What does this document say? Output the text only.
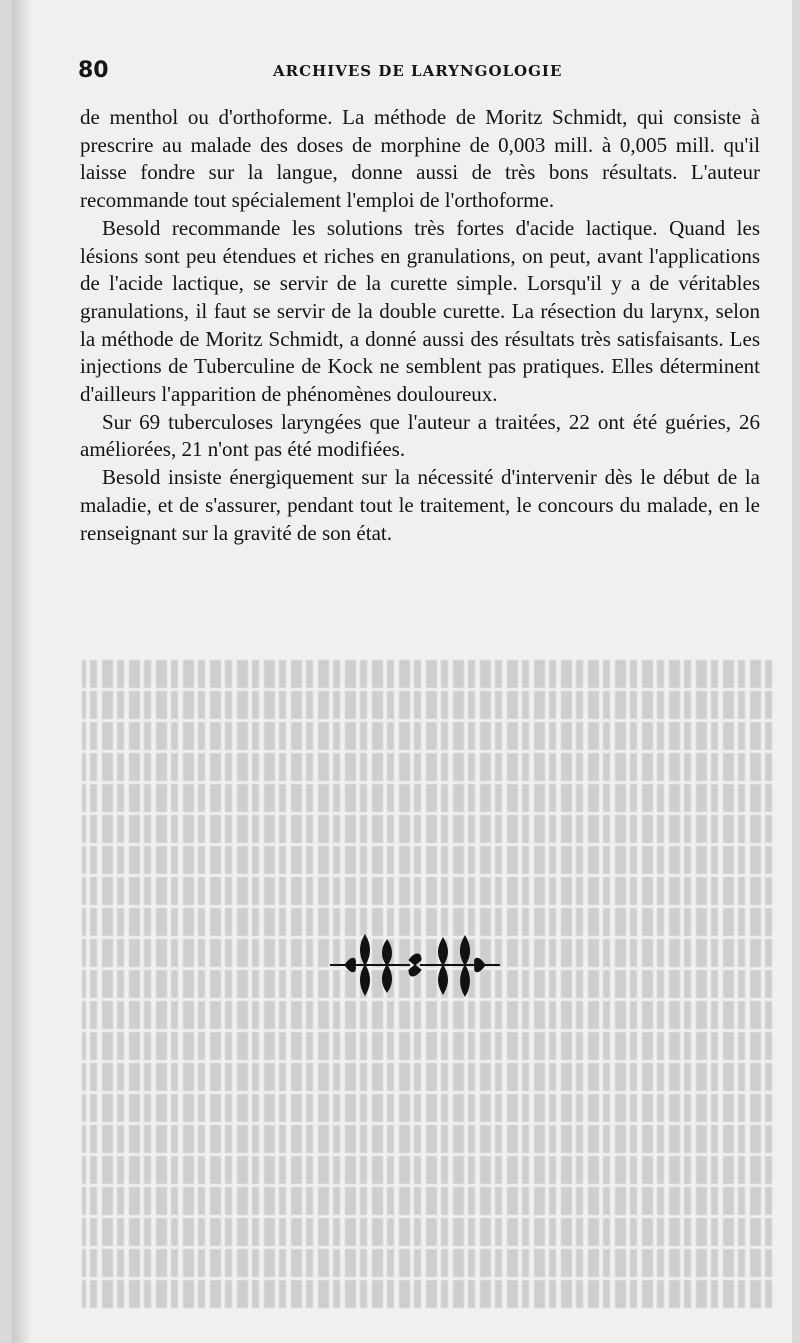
80	ARCHIVES DE LARYNGOLOGIE

de menthol ou d'orthoforme. La méthode de Moritz Schmidt, qui consiste à prescrire au malade des doses de morphine de 0,003 mill. à 0,005 mill. qu'il laisse fondre sur la langue, donne aussi de très bons résultats. L'auteur recommande tout spécialement l'emploi de l'orthoforme.

Besold recommande les solutions très fortes d'acide lactique. Quand les lésions sont peu étendues et riches en granulations, on peut, avant l'applications de l'acide lactique, se servir de la curette simple. Lorsqu'il y a de véritables granulations, il faut se servir de la double curette. La résection du larynx, selon la méthode de Moritz Schmidt, a donné aussi des résultats très satisfaisants. Les injections de Tuberculine de Kock ne semblent pas pratiques. Elles déterminent d'ailleurs l'apparition de phénomènes douloureux.

Sur 69 tuberculoses laryngées que l'auteur a traitées, 22 ont été guéries, 26 améliorées, 21 n'ont pas été modifiées.

Besold insiste énergiquement sur la nécessité d'intervenir dès le début de la maladie, et de s'assurer, pendant tout le traitement, le concours du malade, en le renseignant sur la gravité de son état.
